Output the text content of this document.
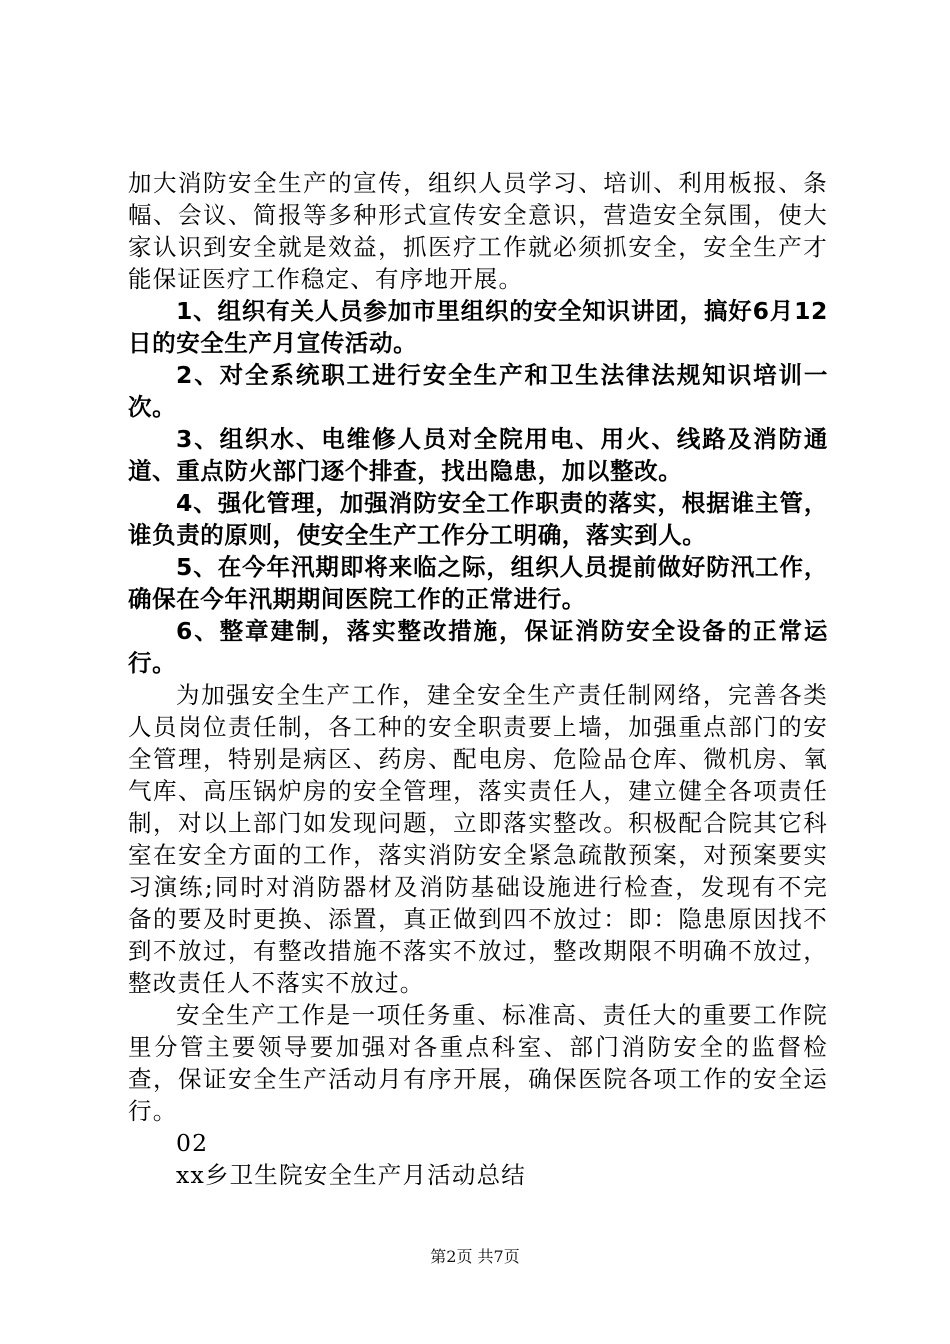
加大消防安全生产的宣传，组织人员学习、培训、利用板报、条幅、会议、简报等多种形式宣传安全意识，营造安全氛围，使大家认识到安全就是效益，抓医疗工作就必须抓安全，安全生产才能保证医疗工作稳定、有序地开展。

1、组织有关人员参加市里组织的安全知识讲团，搞好6月12日的安全生产月宣传活动。

2、对全系统职工进行安全生产和卫生法律法规知识培训一次。

3、组织水、电维修人员对全院用电、用火、线路及消防通道、重点防火部门逐个排查，找出隐患，加以整改。

4、强化管理，加强消防安全工作职责的落实，根据谁主管，谁负责的原则，使安全生产工作分工明确，落实到人。

5、在今年汛期即将来临之际，组织人员提前做好防汛工作，确保在今年汛期期间医院工作的正常进行。

6、整章建制，落实整改措施，保证消防安全设备的正常运行。

为加强安全生产工作，建全安全生产责任制网络，完善各类人员岗位责任制，各工种的安全职责要上墙，加强重点部门的安全管理，特别是病区、药房、配电房、危险品仓库、微机房、氧气库、高压锅炉房的安全管理，落实责任人，建立健全各项责任制，对以上部门如发现问题，立即落实整改。积极配合院其它科室在安全方面的工作，落实消防安全紧急疏散预案，对预案要实习演练;同时对消防器材及消防基础设施进行检查，发现有不完备的要及时更换、添置，真正做到四不放过：即：隐患原因找不到不放过，有整改措施不落实不放过，整改期限不明确不放过，整改责任人不落实不放过。

安全生产工作是一项任务重、标准高、责任大的重要工作院里分管主要领导要加强对各重点科室、部门消防安全的监督检查，保证安全生产活动月有序开展，确保医院各项工作的安全运行。

02

xx乡卫生院安全生产月活动总结

第2页 共7页
